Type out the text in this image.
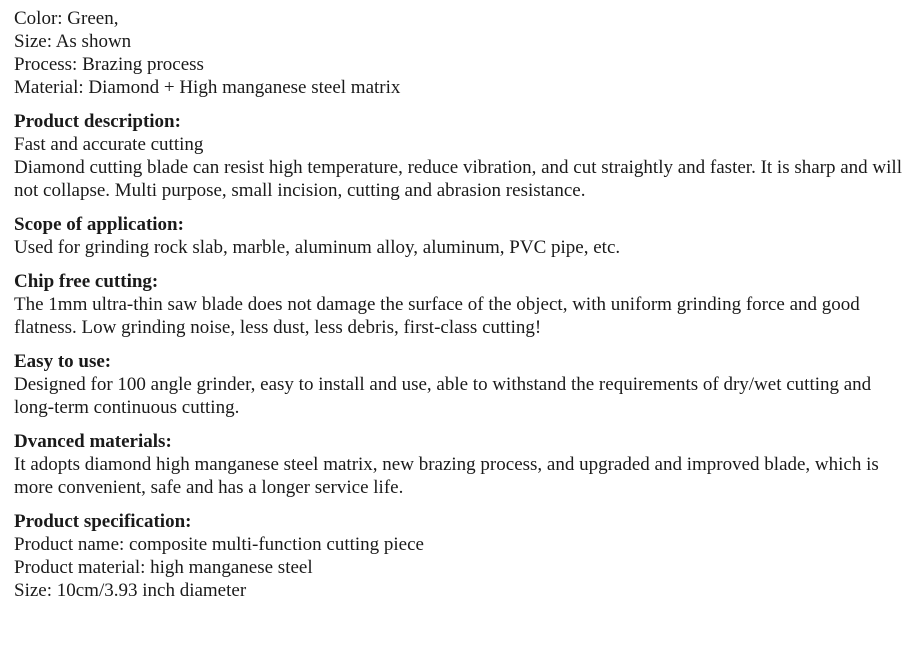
Color: Green,
Size: As shown
Process: Brazing process
Material: Diamond + High manganese steel matrix
Product description:
Fast and accurate cutting
Diamond cutting blade can resist high temperature, reduce vibration, and cut straightly and faster. It is sharp and will not collapse. Multi purpose, small incision, cutting and abrasion resistance.
Scope of application:
Used for grinding rock slab, marble, aluminum alloy, aluminum, PVC pipe, etc.
Chip free cutting:
The 1mm ultra-thin saw blade does not damage the surface of the object, with uniform grinding force and good flatness. Low grinding noise, less dust, less debris, first-class cutting!
Easy to use:
Designed for 100 angle grinder, easy to install and use, able to withstand the requirements of dry/wet cutting and long-term continuous cutting.
Dvanced materials:
It adopts diamond high manganese steel matrix, new brazing process, and upgraded and improved blade, which is more convenient, safe and has a longer service life.
Product specification:
Product name: composite multi-function cutting piece
Product material: high manganese steel
Size: 10cm/3.93 inch diameter
